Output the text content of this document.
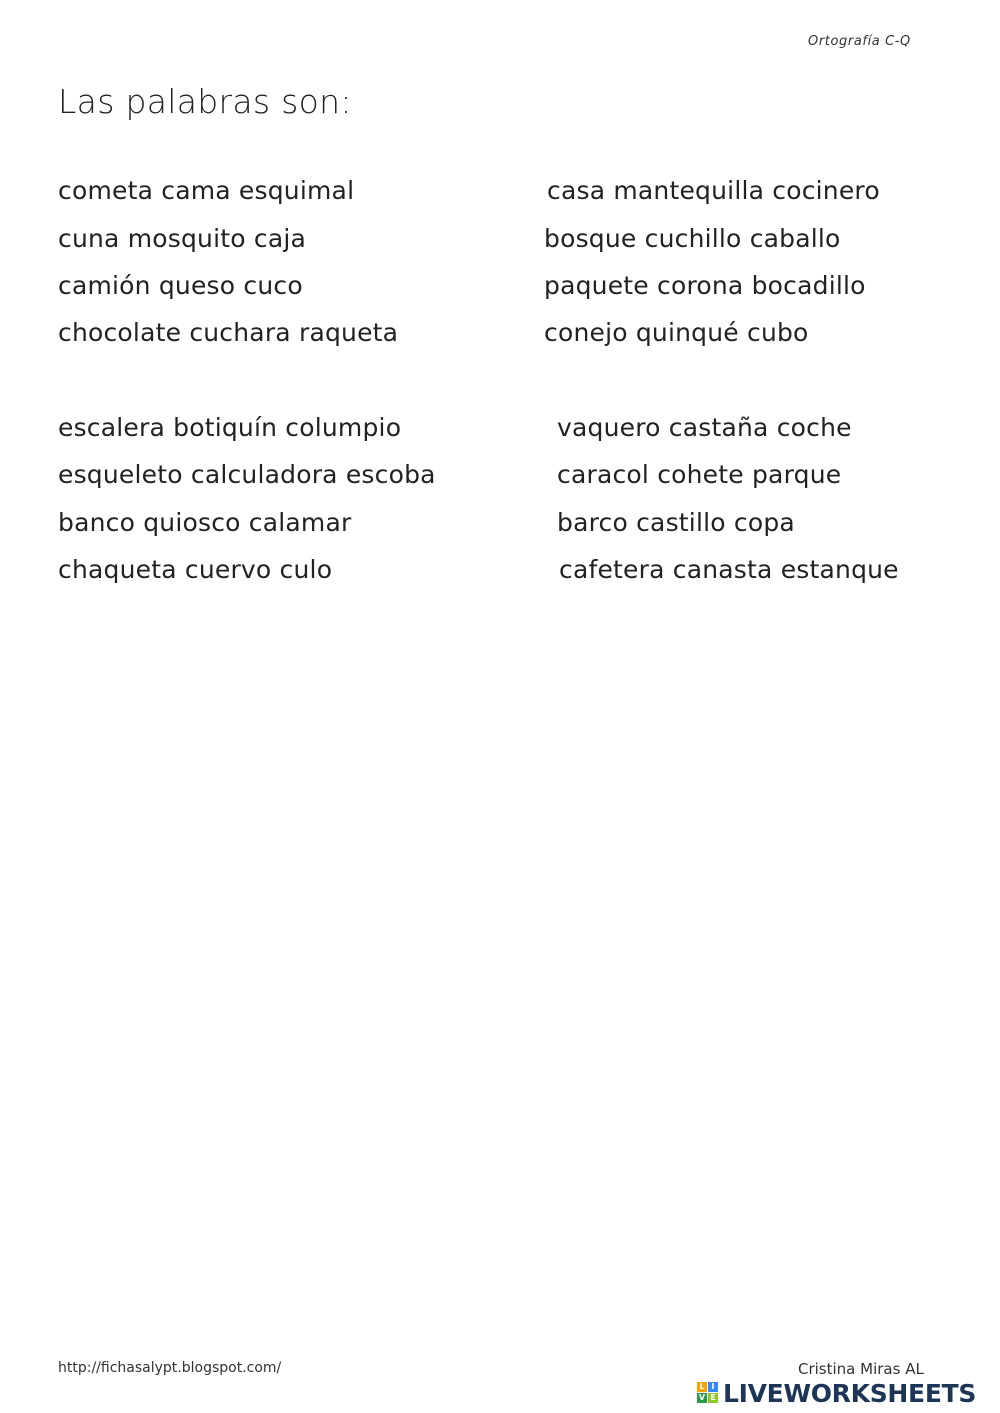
Ortografía C-Q
Las palabras son:
cometa cama esquimal
cuna mosquito caja
camión queso cuco
chocolate cuchara raqueta
casa mantequilla cocinero
bosque cuchillo caballo
paquete corona bocadillo
conejo quinqué cubo
escalera botiquín columpio
esqueleto calculadora escoba
banco quiosco calamar
chaqueta cuervo culo
vaquero castaña coche
caracol cohete parque
barco castillo copa
cafetera canasta estanque
http://fichasalypt.blogspot.com/	Cristina Miras AL
L I
V E LIVEWORKSHEETS
